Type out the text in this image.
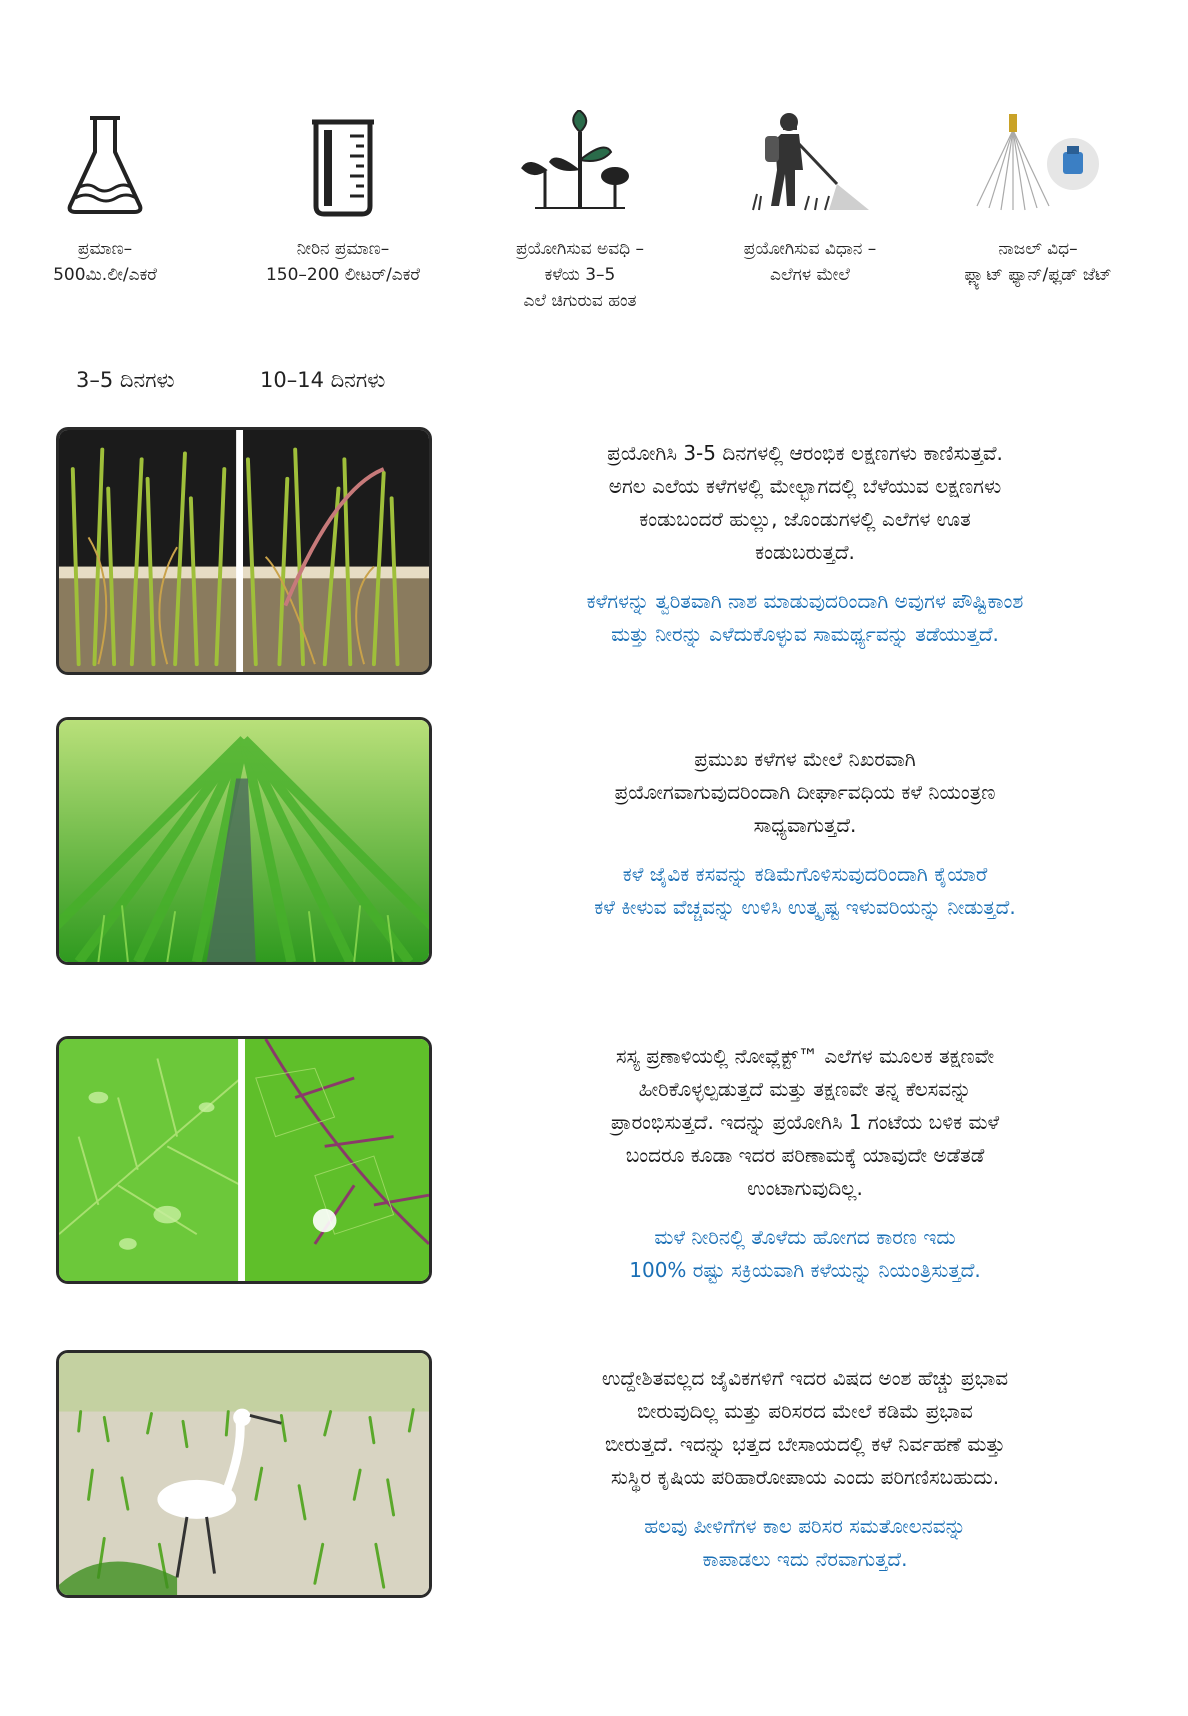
ಪ್ರಮಾಣ–
500ಮಿ.ಲೀ/ಎಕರೆ
ನೀರಿನ ಪ್ರಮಾಣ–
150–200 ಲೀಟರ್/ಎಕರೆ
ಪ್ರಯೋಗಿಸುವ ಅವಧಿ –
ಕಳೆಯ 3–5
ಎಲೆ ಚಿಗುರುವ ಹಂತ
ಪ್ರಯೋಗಿಸುವ ವಿಧಾನ –
ಎಲೆಗಳ ಮೇಲೆ
ನಾಜಲ್ ವಿಧ–
ಫ್ಲ್ಯಾಟ್ ಫ್ಯಾನ್/ಫ್ಲಡ್ ಜೆಟ್
3–5 ದಿನಗಳು	10–14 ದಿನಗಳು

ಪ್ರಯೋಗಿಸಿ 3-5 ದಿನಗಳಲ್ಲಿ ಆರಂಭಿಕ ಲಕ್ಷಣಗಳು ಕಾಣಿಸುತ್ತವೆ.
ಅಗಲ ಎಲೆಯ ಕಳೆಗಳಲ್ಲಿ ಮೇಲ್ಭಾಗದಲ್ಲಿ ಬೆಳೆಯುವ ಲಕ್ಷಣಗಳು
ಕಂಡುಬಂದರೆ ಹುಲ್ಲು, ಜೊಂಡುಗಳಲ್ಲಿ ಎಲೆಗಳ ಊತ
ಕಂಡುಬರುತ್ತದೆ.

ಕಳೆಗಳನ್ನು ತ್ವರಿತವಾಗಿ ನಾಶ ಮಾಡುವುದರಿಂದಾಗಿ ಅವುಗಳ ಪೌಷ್ಟಿಕಾಂಶ
ಮತ್ತು ನೀರನ್ನು ಎಳೆದುಕೊಳ್ಳುವ ಸಾಮರ್ಥ್ಯವನ್ನು ತಡೆಯುತ್ತದೆ.

ಪ್ರಮುಖ ಕಳೆಗಳ ಮೇಲೆ ನಿಖರವಾಗಿ
ಪ್ರಯೋಗವಾಗುವುದರಿಂದಾಗಿ ದೀರ್ಘಾವಧಿಯ ಕಳೆ ನಿಯಂತ್ರಣ
ಸಾಧ್ಯವಾಗುತ್ತದೆ.

ಕಳೆ ಜೈವಿಕ ಕಸವನ್ನು ಕಡಿಮೆಗೊಳಿಸುವುದರಿಂದಾಗಿ ಕೈಯಾರೆ
ಕಳೆ ಕೀಳುವ ವೆಚ್ಚವನ್ನು ಉಳಿಸಿ ಉತ್ಕೃಷ್ಟ ಇಳುವರಿಯನ್ನು ನೀಡುತ್ತದೆ.

ಸಸ್ಯ ಪ್ರಣಾಳಿಯಲ್ಲಿ ನೋವ್ಲೆಕ್ಟ್™ ಎಲೆಗಳ ಮೂಲಕ ತಕ್ಷಣವೇ
ಹೀರಿಕೊಳ್ಳಲ್ಪಡುತ್ತದೆ ಮತ್ತು ತಕ್ಷಣವೇ ತನ್ನ ಕೆಲಸವನ್ನು
ಪ್ರಾರಂಭಿಸುತ್ತದೆ. ಇದನ್ನು ಪ್ರಯೋಗಿಸಿ 1 ಗಂಟೆಯ ಬಳಿಕ ಮಳೆ
ಬಂದರೂ ಕೂಡಾ ಇದರ ಪರಿಣಾಮಕ್ಕೆ ಯಾವುದೇ ಅಡೆತಡೆ
ಉಂಟಾಗುವುದಿಲ್ಲ.

ಮಳೆ ನೀರಿನಲ್ಲಿ ತೊಳೆದು ಹೋಗದ ಕಾರಣ ಇದು
100% ರಷ್ಟು ಸಕ್ರಿಯವಾಗಿ ಕಳೆಯನ್ನು ನಿಯಂತ್ರಿಸುತ್ತದೆ.

ಉದ್ದೇಶಿತವಲ್ಲದ ಜೈವಿಕಗಳಿಗೆ ಇದರ ವಿಷದ ಅಂಶ ಹೆಚ್ಚು ಪ್ರಭಾವ
ಬೀರುವುದಿಲ್ಲ ಮತ್ತು ಪರಿಸರದ ಮೇಲೆ ಕಡಿಮೆ ಪ್ರಭಾವ
ಬೀರುತ್ತದೆ. ಇದನ್ನು ಭತ್ತದ ಬೇಸಾಯದಲ್ಲಿ ಕಳೆ ನಿರ್ವಹಣೆ ಮತ್ತು
ಸುಸ್ಥಿರ ಕೃಷಿಯ ಪರಿಹಾರೋಪಾಯ ಎಂದು ಪರಿಗಣಿಸಬಹುದು.

ಹಲವು ಪೀಳಿಗೆಗಳ ಕಾಲ ಪರಿಸರ ಸಮತೋಲನವನ್ನು
ಕಾಪಾಡಲು ಇದು ನೆರವಾಗುತ್ತದೆ.
